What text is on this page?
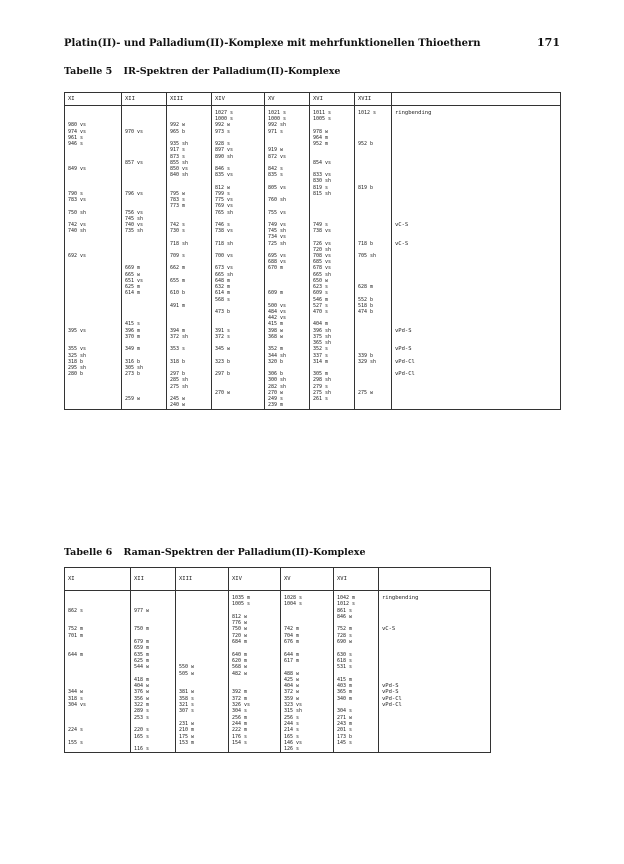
Platin(II)- und Palladium(II)-Komplexe mit mehrfunktionellen Thioethern	171
Tabelle 5 IR-Spektren der Palladium(II)-Komplexe
XI	XII	XIII	XIV	XV	XVI	XVII	
			1027 s	1021 s	1011 s	1012 s	ringbending
			1000 s	1000 s	1005 s		
980 vs		992 w	992 w	992 sh			
974 vs	970 vs	965 b	973 s	971 s	978 w		
961 s					964 m		
946 s		935 sh	928 s		952 m	952 b	
		917 s	897 vs	919 w			
		873 s	890 sh	872 vs			
	857 vs	855 sh			854 vs		
849 vs		850 vs	846 s	842 s			
		840 sh	835 vs	835 s	833 vs		
					830 sh		
			812 w	805 vs	819 s	819 b	
790 s	796 vs	795 w	799 s		815 sh		
783 vs		783 s	775 vs	760 sh			
		773 m	769 vs				
750 sh	756 vs		765 sh	755 vs			
	745 sh						
742 vs	740 vs	742 s	746 s	749 vs	749 s		νC-S
740 sh	735 sh	730 s	738 vs	745 sh	738 vs		
				734 vs			
		718 sh	718 sh	725 sh	726 vs	718 b	νC-S
					720 sh		
692 vs		709 s	700 vs	695 vs	708 vs	705 sh	
				688 vs	685 vs		
	669 m	662 m	673 vs	670 m	678 vs		
	665 w		665 sh		665 sh		
	651 vs	655 m	648 m		650 w		
	625 m		632 m		623 s	628 m	
	614 m	610 b	614 m	609 m	609 s		
			568 s		546 m	552 b	
		491 m		500 vs	527 s	518 b	
			473 b	484 vs	470 s	474 b	
				442 vs			
	415 s			415 m	404 m		
395 vs	396 m	394 m	391 s	398 w	396 sh		νPd-S
	370 m	372 sh	372 s	368 w	375 sh		
					365 sh		
355 vs	349 m	353 s	345 w	352 m	352 s		νPd-S
325 sh				344 sh	337 s	339 b	
318 b	316 b	318 b	323 b	320 b	314 m	329 sh	νPd-Cl
295 sh	305 sh						
280 b	273 b	297 b	297 b	306 b	305 m		νPd-Cl
		285 sh		300 sh	298 sh		
		275 sh		282 sh	279 s		
			270 w	270 w	275 sh	275 w	
	259 w	245 w		249 s	261 s		
		240 w		239 m			
Tabelle 6 Raman-Spektren der Palladium(II)-Komplexe
XI	XII	XIII	XIV	XV	XVI	
			1035 m	1028 s	1042 m	ringbending
			1005 s	1004 s	1012 s	
862 s	977 w				861 s	
			812 w		846 w	
			776 w			
752 m	750 m		750 w	742 m	752 m	νC-S
701 m			720 w	704 m	728 s	
	679 m		684 m	676 m	690 w	
	659 m					
644 m	635 m		640 m	644 m	630 s	
	625 m		620 m	617 m	618 s	
	544 w	550 w	568 w		531 s	
		505 w	482 w	488 w		
	418 m			425 w	415 m	
	404 w			404 w	403 m	νPd-S
344 w	376 w	381 w	392 m	372 w	365 m	νPd-S
318 s	356 w	358 s	372 m	359 w	340 m	νPd-Cl
304 vs	322 m	321 s	326 vs	323 vs		νPd-Cl
	289 s	307 s	304 s	315 sh	304 s	
	253 s		256 m	256 s	271 w	
		231 w	244 m	244 s	243 m	
224 s	220 s	210 m	222 m	214 s	201 s	
	165 s	175 w	176 s	165 s	173 b	
155 s		153 m	154 s	146 vs	145 s	
	116 s			126 s		
